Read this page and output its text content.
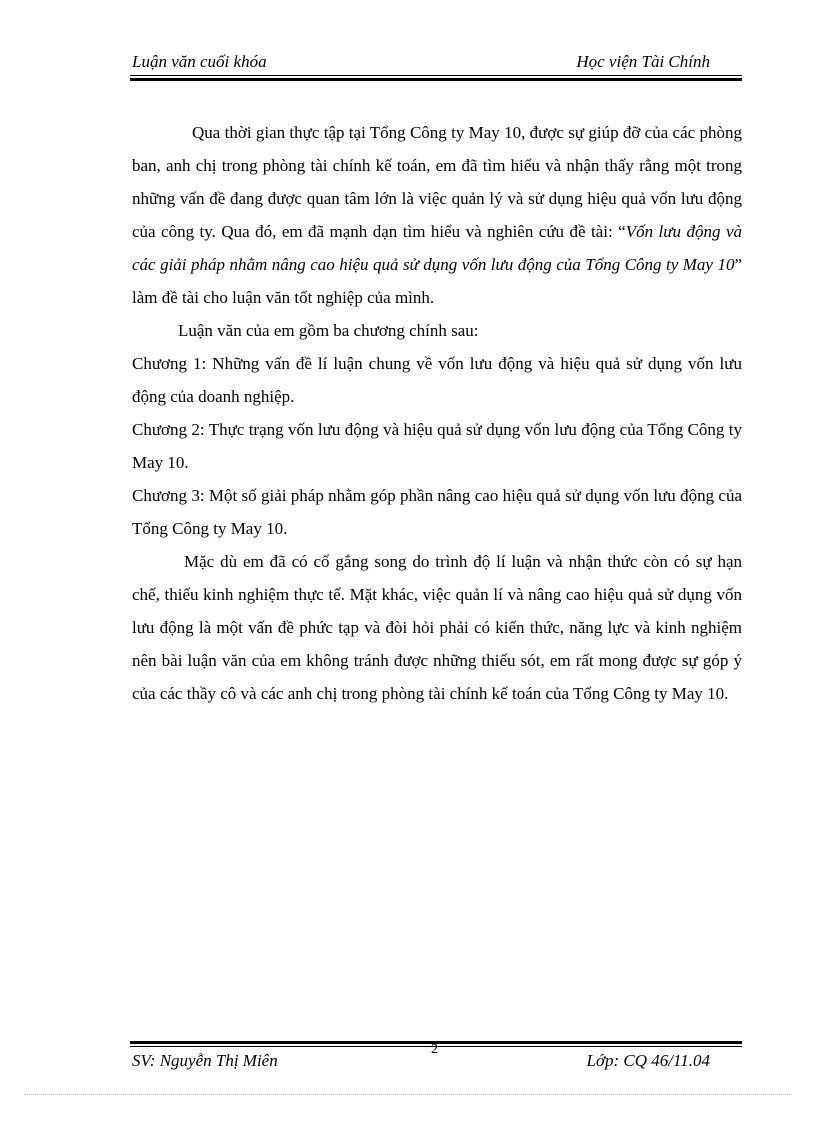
Luận văn cuối khóa	Học viện Tài Chính

Qua thời gian thực tập tại Tổng Công ty May 10, được sự giúp đỡ của các phòng ban, anh chị trong phòng tài chính kế toán, em đã tìm hiểu và nhận thấy rằng một trong những vấn đề đang được quan tâm lớn là việc quản lý và sử dụng hiệu quả vốn lưu động của công ty. Qua đó, em đã mạnh dạn tìm hiểu và nghiên cứu đề tài: “Vốn lưu động và các giải pháp nhằm nâng cao hiệu quả sử dụng vốn lưu động của Tổng Công ty May 10” làm đề tài cho luận văn tốt nghiệp của mình.

Luận văn của em gồm ba chương chính sau:

Chương 1: Những vấn đề lí luận chung về vốn lưu động và hiệu quả sử dụng vốn lưu động của doanh nghiệp.

Chương 2: Thực trạng vốn lưu động và hiệu quả sử dụng vốn lưu động của Tổng Công ty May 10.

Chương 3: Một số giải pháp nhằm góp phần nâng cao hiệu quả sử dụng vốn lưu động của Tổng Công ty May 10.

Mặc dù em đã có cố gắng song do trình độ lí luận và nhận thức còn có sự hạn chế, thiếu kinh nghiệm thực tế. Mặt khác, việc quản lí và nâng cao hiệu quả sử dụng vốn lưu động là một vấn đề phức tạp và đòi hỏi phải có kiến thức, năng lực và kinh nghiệm nên bài luận văn của em không tránh được những thiếu sót, em rất mong được sự góp ý của các thầy cô và các anh chị trong phòng tài chính kế toán của Tổng Công ty May 10.

2
SV: Nguyễn Thị Miên	Lớp: CQ 46/11.04
